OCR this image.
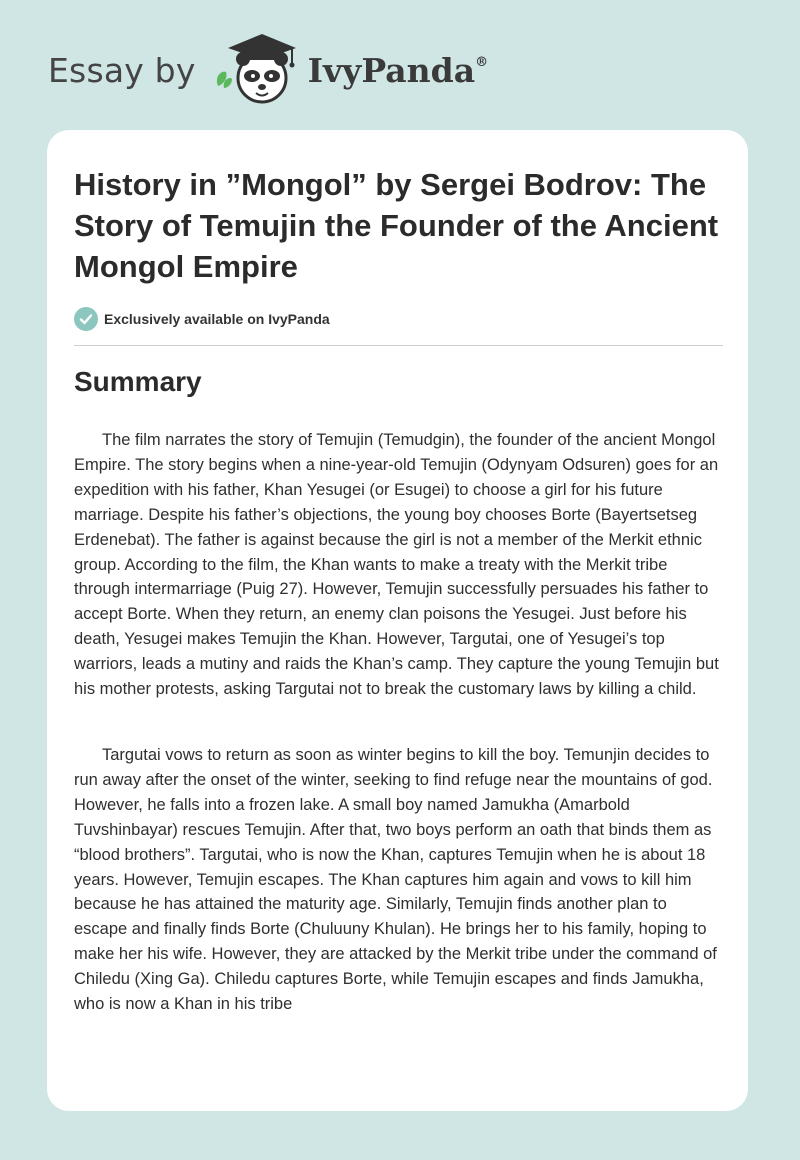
Essay by	IvyPanda®
History in ”Mongol” by Sergei Bodrov: The Story of Temujin the Founder of the Ancient Mongol Empire
Exclusively available on IvyPanda
Summary

The film narrates the story of Temujin (Temudgin), the founder of the ancient Mongol Empire. The story begins when a nine-year-old Temujin (Odynyam Odsuren) goes for an expedition with his father, Khan Yesugei (or Esugei) to choose a girl for his future marriage. Despite his father’s objections, the young boy chooses Borte (Bayertsetseg Erdenebat). The father is against because the girl is not a member of the Merkit ethnic group. According to the film, the Khan wants to make a treaty with the Merkit tribe through intermarriage (Puig 27). However, Temujin successfully persuades his father to accept Borte. When they return, an enemy clan poisons the Yesugei. Just before his death, Yesugei makes Temujin the Khan. However, Targutai, one of Yesugei’s top warriors, leads a mutiny and raids the Khan’s camp. They capture the young Temujin but his mother protests, asking Targutai not to break the customary laws by killing a child.

Targutai vows to return as soon as winter begins to kill the boy. Temunjin decides to run away after the onset of the winter, seeking to find refuge near the mountains of god. However, he falls into a frozen lake. A small boy named Jamukha (Amarbold Tuvshinbayar) rescues Temujin. After that, two boys perform an oath that binds them as “blood brothers”. Targutai, who is now the Khan, captures Temujin when he is about 18 years. However, Temujin escapes. The Khan captures him again and vows to kill him because he has attained the maturity age. Similarly, Temujin finds another plan to escape and finally finds Borte (Chuluuny Khulan). He brings her to his family, hoping to make her his wife. However, they are attacked by the Merkit tribe under the command of Chiledu (Xing Ga). Chiledu captures Borte, while Temujin escapes and finds Jamukha, who is now a Khan in his tribe
